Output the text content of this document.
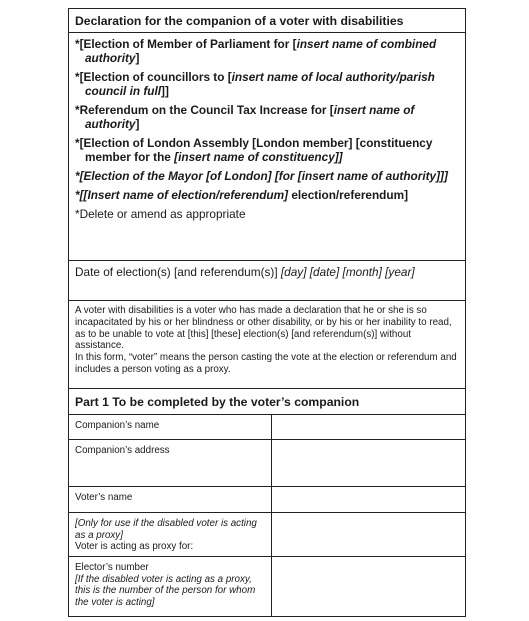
Declaration for the companion of a voter with disabilities
*[Election of Member of Parliament for [insert name of combined authority]
*[Election of councillors to [insert name of local authority/parish council in full]]
*Referendum on the Council Tax Increase for [insert name of authority]
*[Election of London Assembly [London member] [constituency member for the [insert name of constituency]]
*[Election of the Mayor [of London] [for [insert name of authority]]]
*[[Insert name of election/referendum] election/referendum]
*Delete or amend as appropriate
Date of election(s) [and referendum(s)] [day] [date] [month] [year]
A voter with disabilities is a voter who has made a declaration that he or she is so incapacitated by his or her blindness or other disability, or by his or her inability to read, as to be unable to vote at [this] [these] election(s) [and referendum(s)] without assistance.
In this form, “voter” means the person casting the vote at the election or referendum and includes a person voting as a proxy.
Part 1 To be completed by the voter’s companion
Companion’s name
Companion’s address
Voter’s name
[Only for use if the disabled voter is acting as a proxy]
Voter is acting as proxy for:
Elector’s number
[If the disabled voter is acting as a proxy, this is the number of the person for whom the voter is acting]
